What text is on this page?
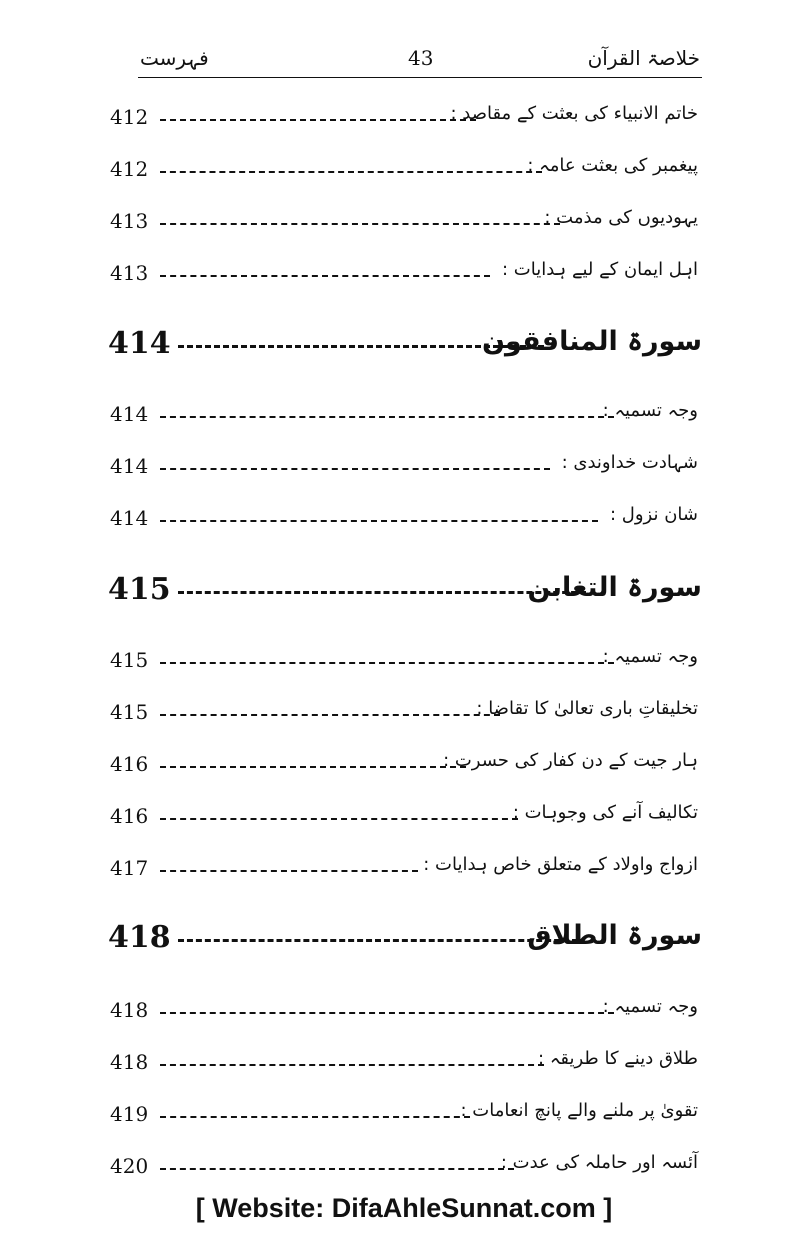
خلاصۃ القرآن
43
فہرست
412	خاتم الانبیاء کی بعثت کے مقاصد :
412	پیغمبر کی بعثت عامہ :
413	یہودیوں کی مذمت :
413	اہل ایمان کے لیے ہدایات :
414	سورۃ المنافقون
414	وجہ تسمیہ :
414	شہادت خداوندی :
414	شان نزول :
415	سورۃ التغابن
415	وجہ تسمیہ :
415	تخلیقاتِ باری تعالیٰ کا تقاضا :
416	ہار جیت کے دن کفار کی حسرت :
416	تکالیف آنے کی وجوہات :
417	ازواج واولاد کے متعلق خاص ہدایات :
418	سورۃ الطلاق
418	وجہ تسمیہ :
418	طلاق دینے کا طریقہ :
419	تقویٰ پر ملنے والے پانچ انعامات :
420	آئسہ اور حاملہ کی عدت :
[ Website: DifaAhleSunnat.com ]
